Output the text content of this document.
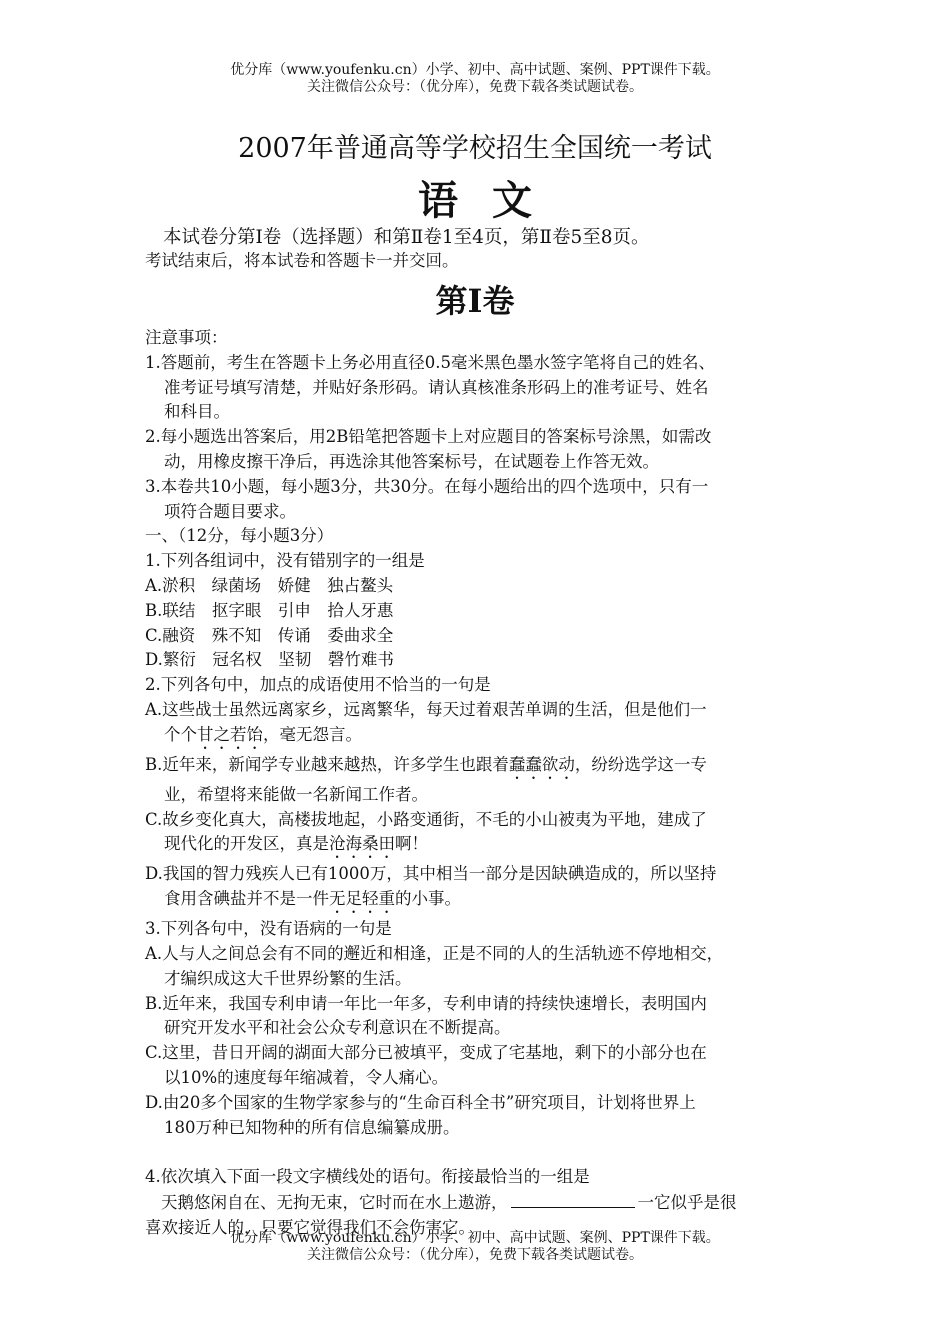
优分库（www.youfenku.cn）小学、初中、高中试题、案例、PPT课件下载。
关注微信公众号：（优分库），免费下载各类试题试卷。
2007年普通高等学校招生全国统一考试
语文
本试卷分第Ⅰ卷（选择题）和第Ⅱ卷1至4页，第Ⅱ卷5至8页。
考试结束后，将本试卷和答题卡一并交回。
第Ⅰ卷

注意事项：

1.答题前，考生在答题卡上务必用直径0.5毫米黑色墨水签字笔将自己的姓名、

准考证号填写清楚，并贴好条形码。请认真核准条形码上的准考证号、姓名

和科目。

2.每小题选出答案后，用2B铅笔把答题卡上对应题目的答案标号涂黑，如需改

动，用橡皮擦干净后，再选涂其他答案标号，在试题卷上作答无效。

3.本卷共10小题，每小题3分，共30分。在每小题给出的四个选项中，只有一

项符合题目要求。

一、（12分，每小题3分）

1.下列各组词中，没有错别字的一组是

A.淤积　绿菌场　娇健　独占鳌头

B.联结　抠字眼　引申　拾人牙惠

C.融资　殊不知　传诵　委曲求全

D.繁衍　冠名权　坚韧　磬竹难书

2.下列各句中，加点的成语使用不恰当的一句是

A.这些战士虽然远离家乡，远离繁华，每天过着艰苦单调的生活，但是他们一

个个甘之若饴，毫无怨言。

B.近年来，新闻学专业越来越热，许多学生也跟着蠢蠢欲动，纷纷选学这一专

业，希望将来能做一名新闻工作者。

C.故乡变化真大，高楼拔地起，小路变通街，不毛的小山被夷为平地，建成了

现代化的开发区，真是沧海桑田啊！

D.我国的智力残疾人已有1000万，其中相当一部分是因缺碘造成的，所以坚持

食用含碘盐并不是一件无足轻重的小事。

3.下列各句中，没有语病的一句是

A.人与人之间总会有不同的邂近和相逢，正是不同的人的生活轨迹不停地相交，

才编织成这大千世界纷繁的生活。

B.近年来，我国专利申请一年比一年多，专利申请的持续快速增长，表明国内

研究开发水平和社会公众专利意识在不断提高。

C.这里，昔日开阔的湖面大部分已被填平，变成了宅基地，剩下的小部分也在

以10%的速度每年缩减着，令人痛心。

D.由20多个国家的生物学家参与的“生命百科全书”研究项目，计划将世界上

180万种已知物种的所有信息编纂成册。

4.依次填入下面一段文字横线处的语句。衔接最恰当的一组是

天鹅悠闲自在、无拘无束，它时而在水上遨游，	一它似乎是很

喜欢接近人的，只要它觉得我们不会伤害它。

优分库（www.youfenku.cn）小学、初中、高中试题、案例、PPT课件下载。
关注微信公众号：（优分库），免费下载各类试题试卷。
